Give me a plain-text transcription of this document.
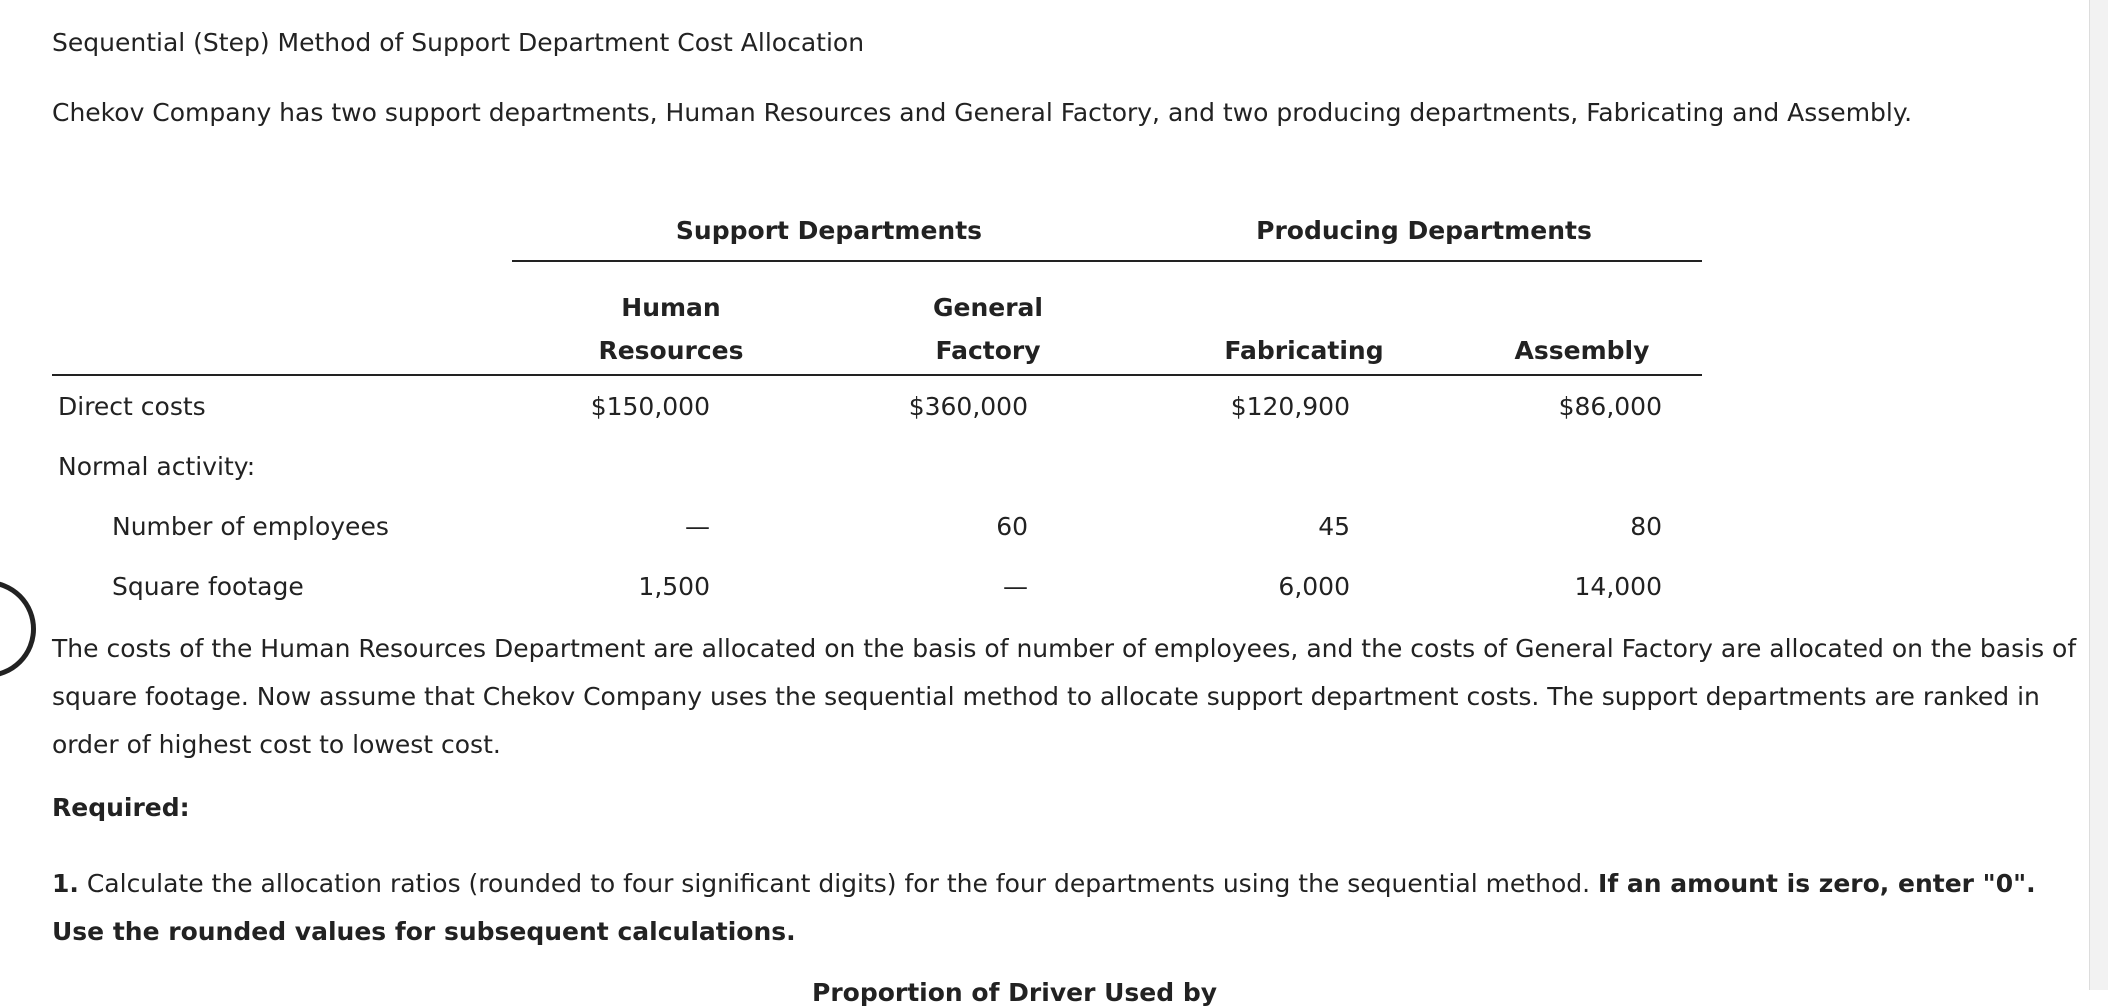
Sequential (Step) Method of Support Department Cost Allocation

Chekov Company has two support departments, Human Resources and General Factory, and two producing departments, Fabricating and Assembly.

	Support Departments		Producing Departments	
	Human	General		
	Resources	Factory	Fabricating	Assembly
Direct costs	$150,000	$360,000	$120,900	$86,000
Normal activity:				
Number of employees	—	60	45	80
Square footage	1,500	—	6,000	14,000

The costs of the Human Resources Department are allocated on the basis of number of employees, and the costs of General Factory are allocated on the basis of square footage. Now assume that Chekov Company uses the sequential method to allocate support department costs. The support departments are ranked in order of highest cost to lowest cost.

Required:

1. Calculate the allocation ratios (rounded to four significant digits) for the four departments using the sequential method. If an amount is zero, enter "0". Use the rounded values for subsequent calculations.

Proportion of Driver Used by
